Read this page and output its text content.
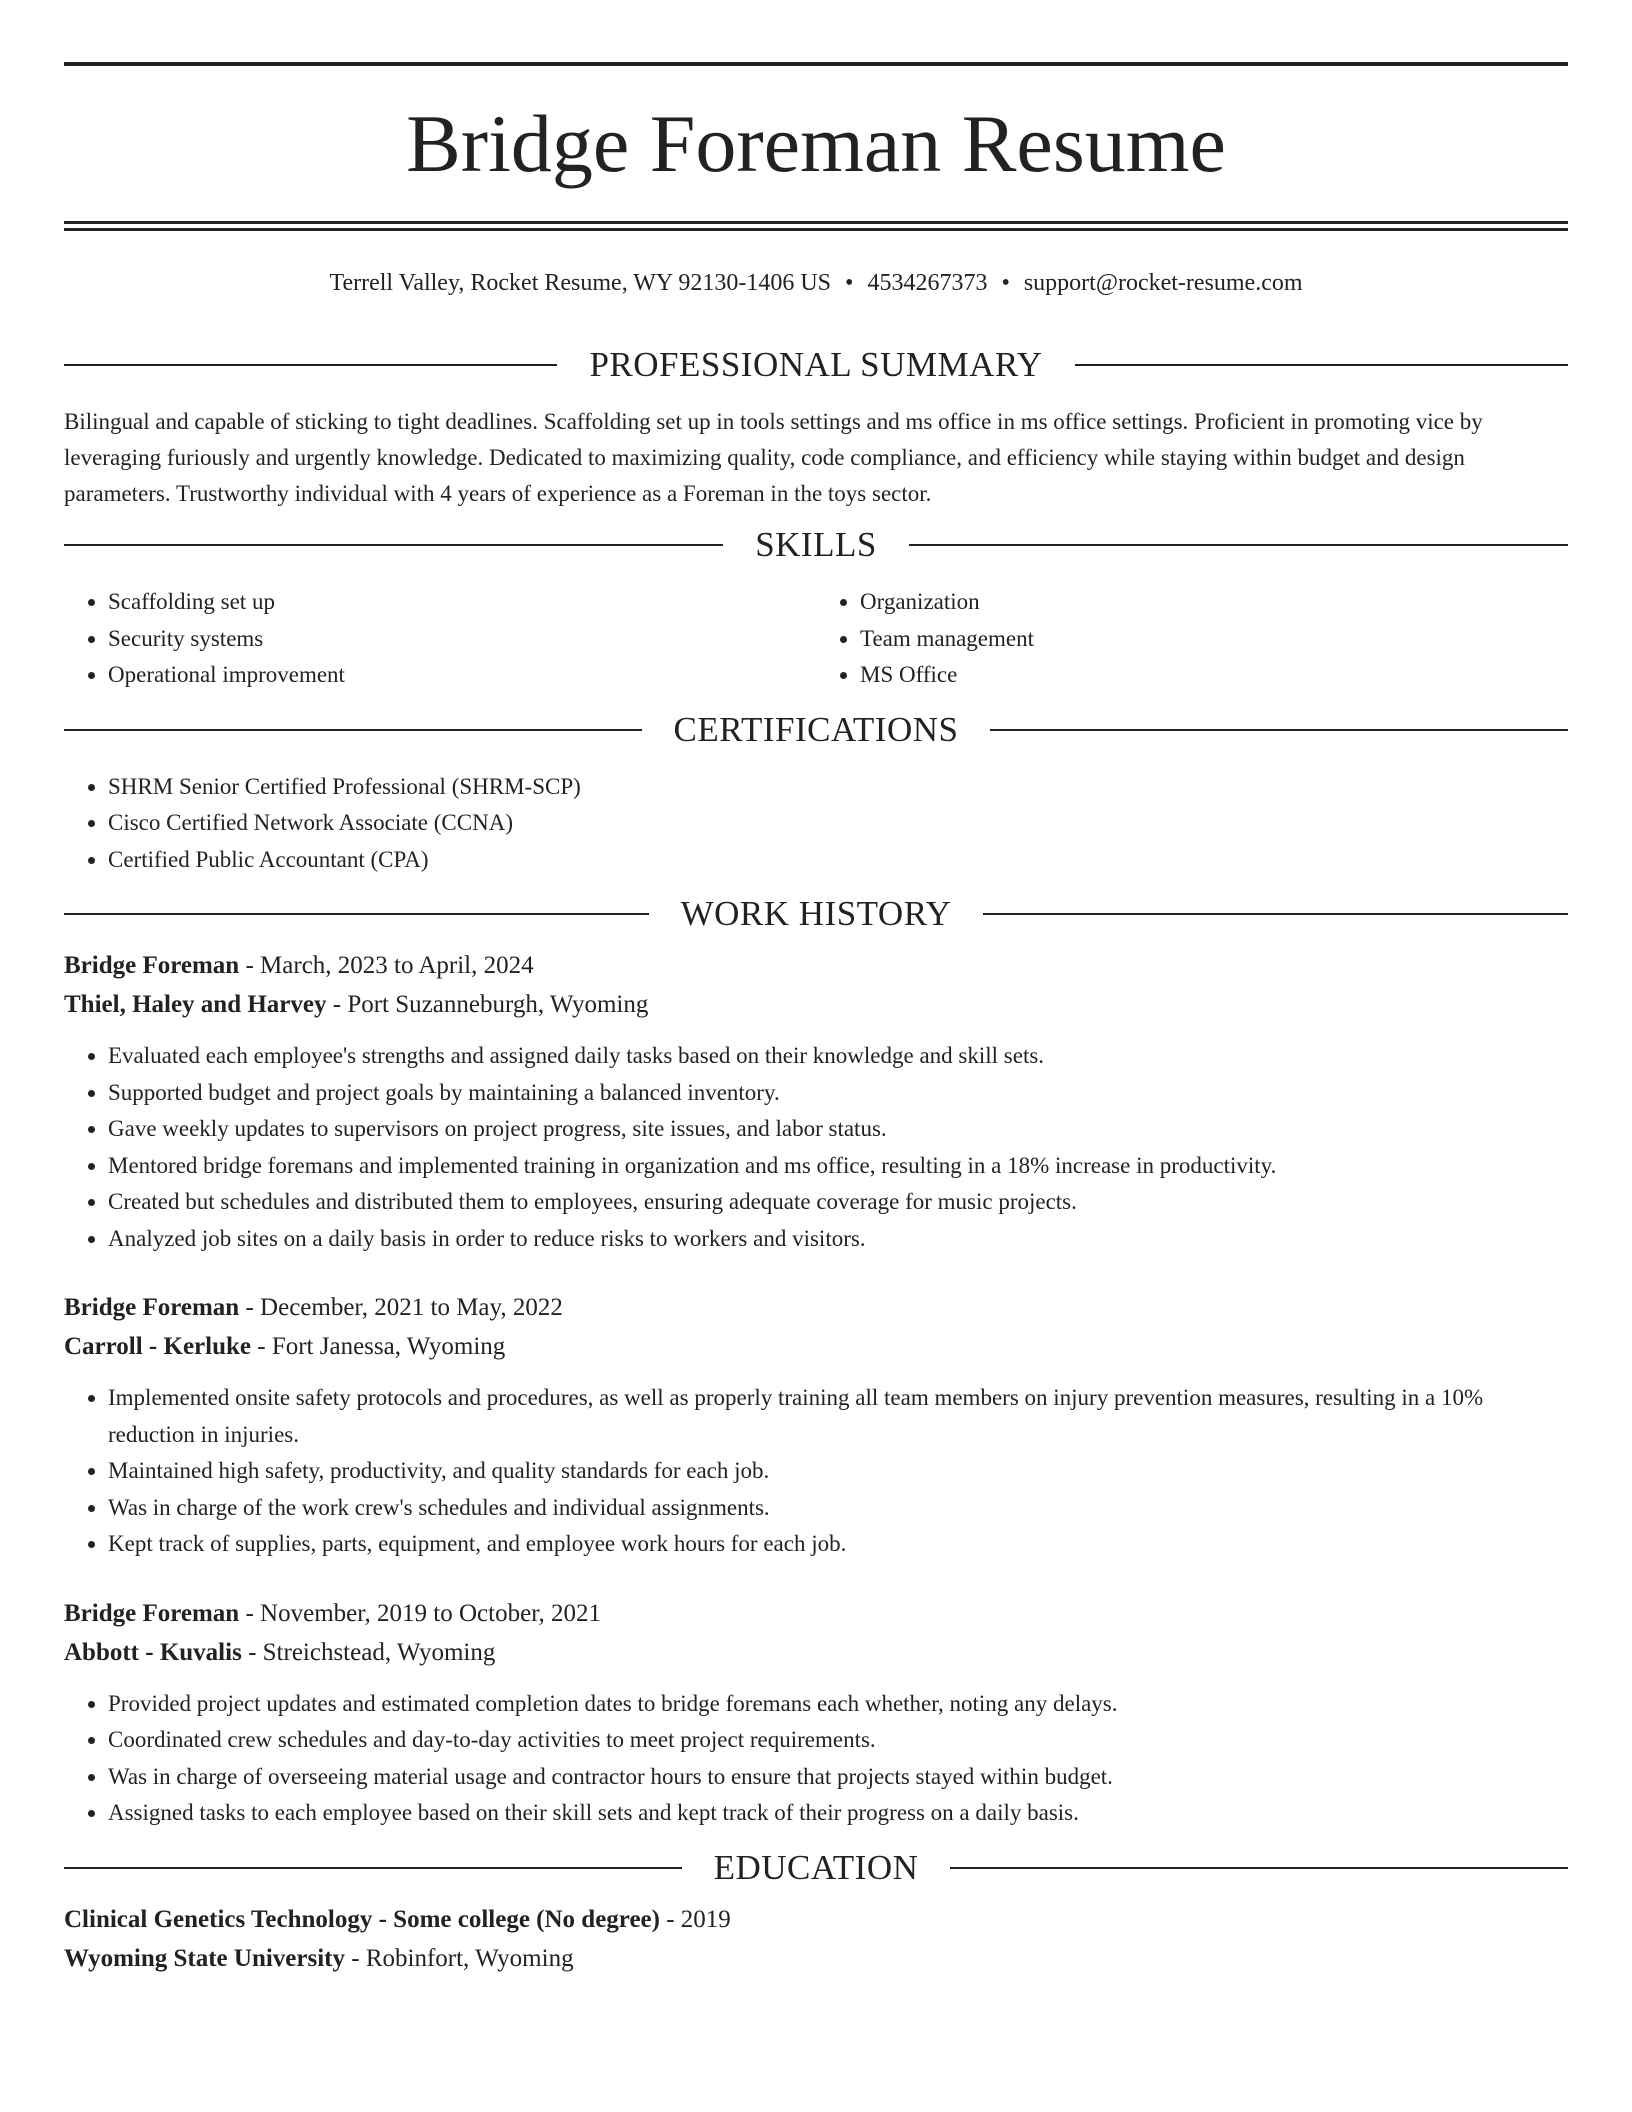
Bridge Foreman Resume
Terrell Valley, Rocket Resume, WY 92130-1406 US • 4534267373 • support@rocket-resume.com
PROFESSIONAL SUMMARY

Bilingual and capable of sticking to tight deadlines. Scaffolding set up in tools settings and ms office in ms office settings. Proficient in promoting vice by leveraging furiously and urgently knowledge. Dedicated to maximizing quality, code compliance, and efficiency while staying within budget and design parameters. Trustworthy individual with 4 years of experience as a Foreman in the toys sector.

SKILLS
• Scaffolding set up
• Security systems
• Operational improvement
• Organization
• Team management
• MS Office
CERTIFICATIONS
• SHRM Senior Certified Professional (SHRM-SCP)
• Cisco Certified Network Associate (CCNA)
• Certified Public Accountant (CPA)
WORK HISTORY
Bridge Foreman - March, 2023 to April, 2024
Thiel, Haley and Harvey - Port Suzanneburgh, Wyoming
• Evaluated each employee's strengths and assigned daily tasks based on their knowledge and skill sets.
• Supported budget and project goals by maintaining a balanced inventory.
• Gave weekly updates to supervisors on project progress, site issues, and labor status.
• Mentored bridge foremans and implemented training in organization and ms office, resulting in a 18% increase in productivity.
• Created but schedules and distributed them to employees, ensuring adequate coverage for music projects.
• Analyzed job sites on a daily basis in order to reduce risks to workers and visitors.
Bridge Foreman - December, 2021 to May, 2022
Carroll - Kerluke - Fort Janessa, Wyoming
• Implemented onsite safety protocols and procedures, as well as properly training all team members on injury prevention measures, resulting in a 10% reduction in injuries.
• Maintained high safety, productivity, and quality standards for each job.
• Was in charge of the work crew's schedules and individual assignments.
• Kept track of supplies, parts, equipment, and employee work hours for each job.
Bridge Foreman - November, 2019 to October, 2021
Abbott - Kuvalis - Streichstead, Wyoming
• Provided project updates and estimated completion dates to bridge foremans each whether, noting any delays.
• Coordinated crew schedules and day-to-day activities to meet project requirements.
• Was in charge of overseeing material usage and contractor hours to ensure that projects stayed within budget.
• Assigned tasks to each employee based on their skill sets and kept track of their progress on a daily basis.
EDUCATION
Clinical Genetics Technology - Some college (No degree) - 2019
Wyoming State University - Robinfort, Wyoming
